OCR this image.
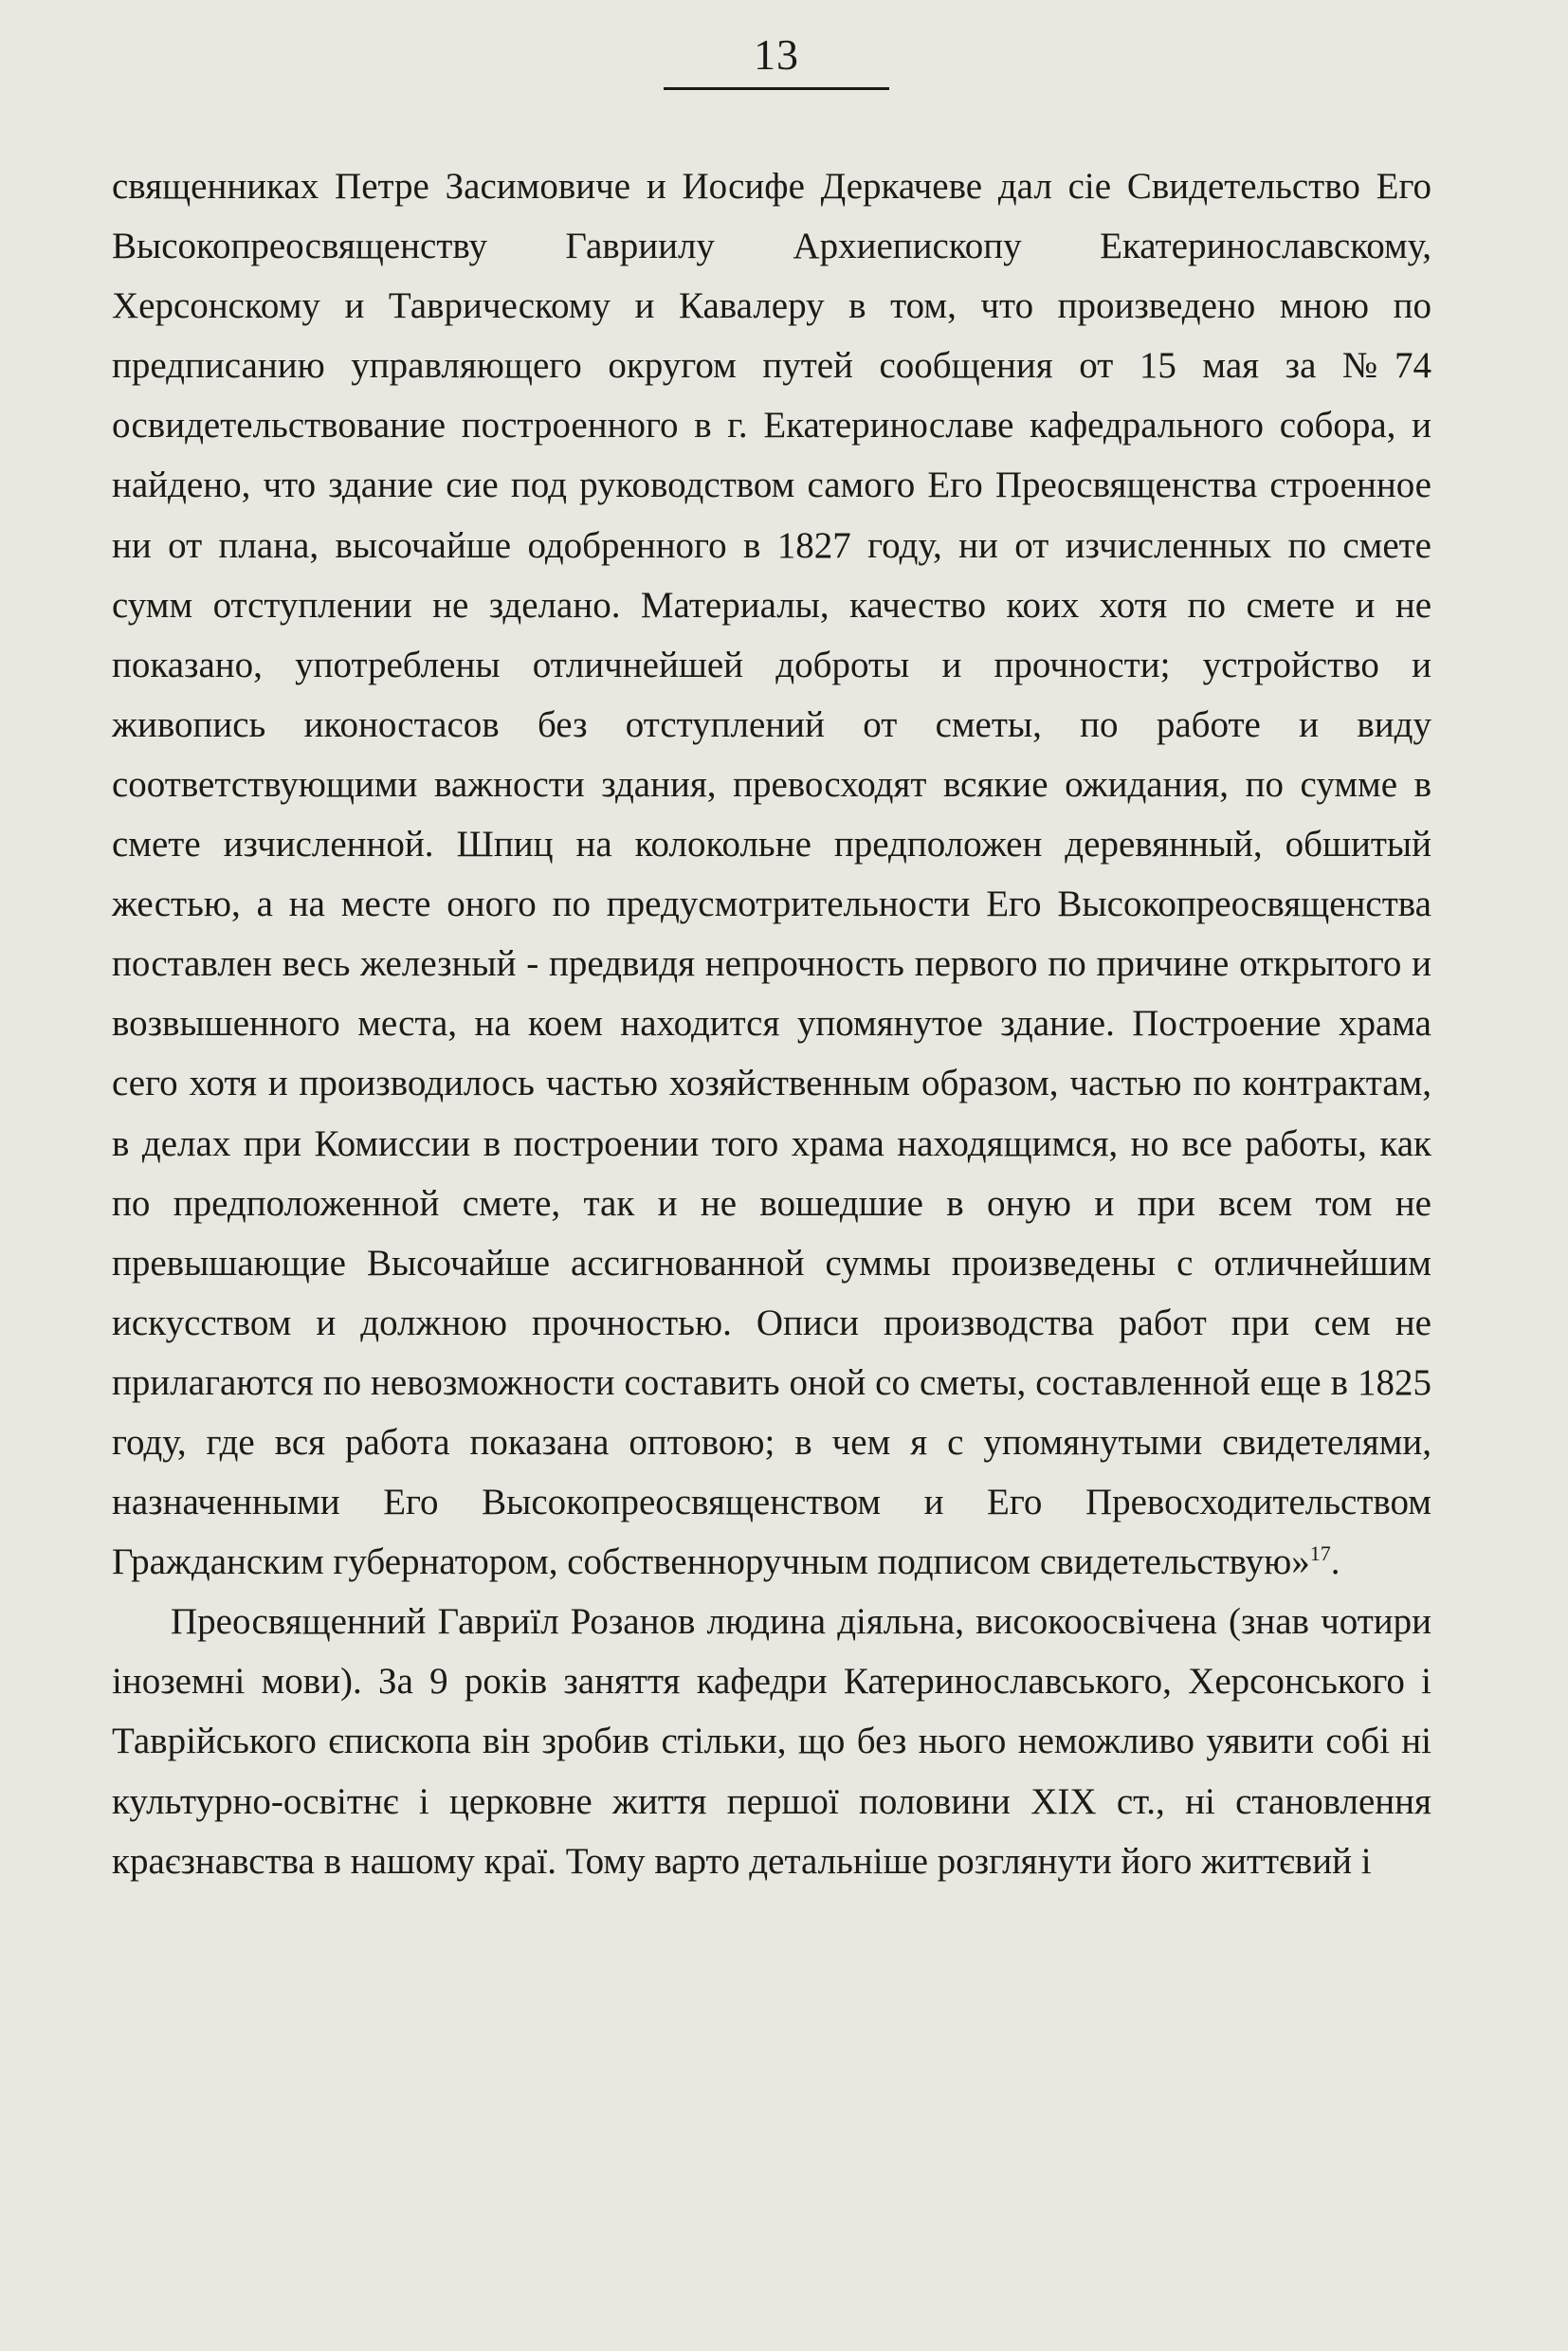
13

священниках Петре Засимовиче и Иосифе Деркачеве дал сіе Свидетельство Его Высокопреосвященству Гавриилу Архиепископу Екатеринославскому, Херсонскому и Таврическому и Кавалеру в том, что произведено мною по предписанию управляющего округом путей сообщения от 15 мая за №74 освидетельствование построенного в г. Екатеринославе кафедрального собора, и найдено, что здание сие под руководством самого Его Преосвященства строенное ни от плана, высочайше одобренного в 1827 году, ни от изчисленных по смете сумм отступлении не зделано. Материалы, качество коих хотя по смете и не показано, употреблены отличнейшей доброты и прочности; устройство и живопись иконостасов без отступлений от сметы, по работе и виду соответствующими важности здания, превосходят всякие ожидания, по сумме в смете изчисленной. Шпиц на колокольне предположен деревянный, обшитый жестью, а на месте оного по предусмотрительности Его Высокопреосвященства поставлен весь железный - предвидя непрочность первого по причине открытого и возвышенного места, на коем находится упомянутое здание. Построение храма сего хотя и производилось частью хозяйственным образом, частью по контрактам, в делах при Комиссии в построении того храма находящимся, но все работы, как по предположенной смете, так и не вошедшие в оную и при всем том не превышающие Высочайше ассигнованной суммы произведены с отличнейшим искусством и должною прочностью. Описи производства работ при сем не прилагаются по невозможности составить оной со сметы, составленной еще в 1825 году, где вся работа показана оптовою; в чем я с упомянутыми свидетелями, назначенными Его Высокопреосвященством и Его Превосходительством Гражданским губернатором, собственноручным подписом свидетельствую»$^{17}$.

Преосвященний Гавриїл Розанов людина діяльна, високоосвічена (знав чотири іноземні мови). За 9 років заняття кафедри Катеринославського, Херсонського і Таврійського єпископа він зробив стільки, що без нього неможливо уявити собі ні культурно-освітнє і церковне життя першої половини XIX ст., ні становлення краєзнавства в нашому краї. Тому варто детальніше розглянути його життєвий і
